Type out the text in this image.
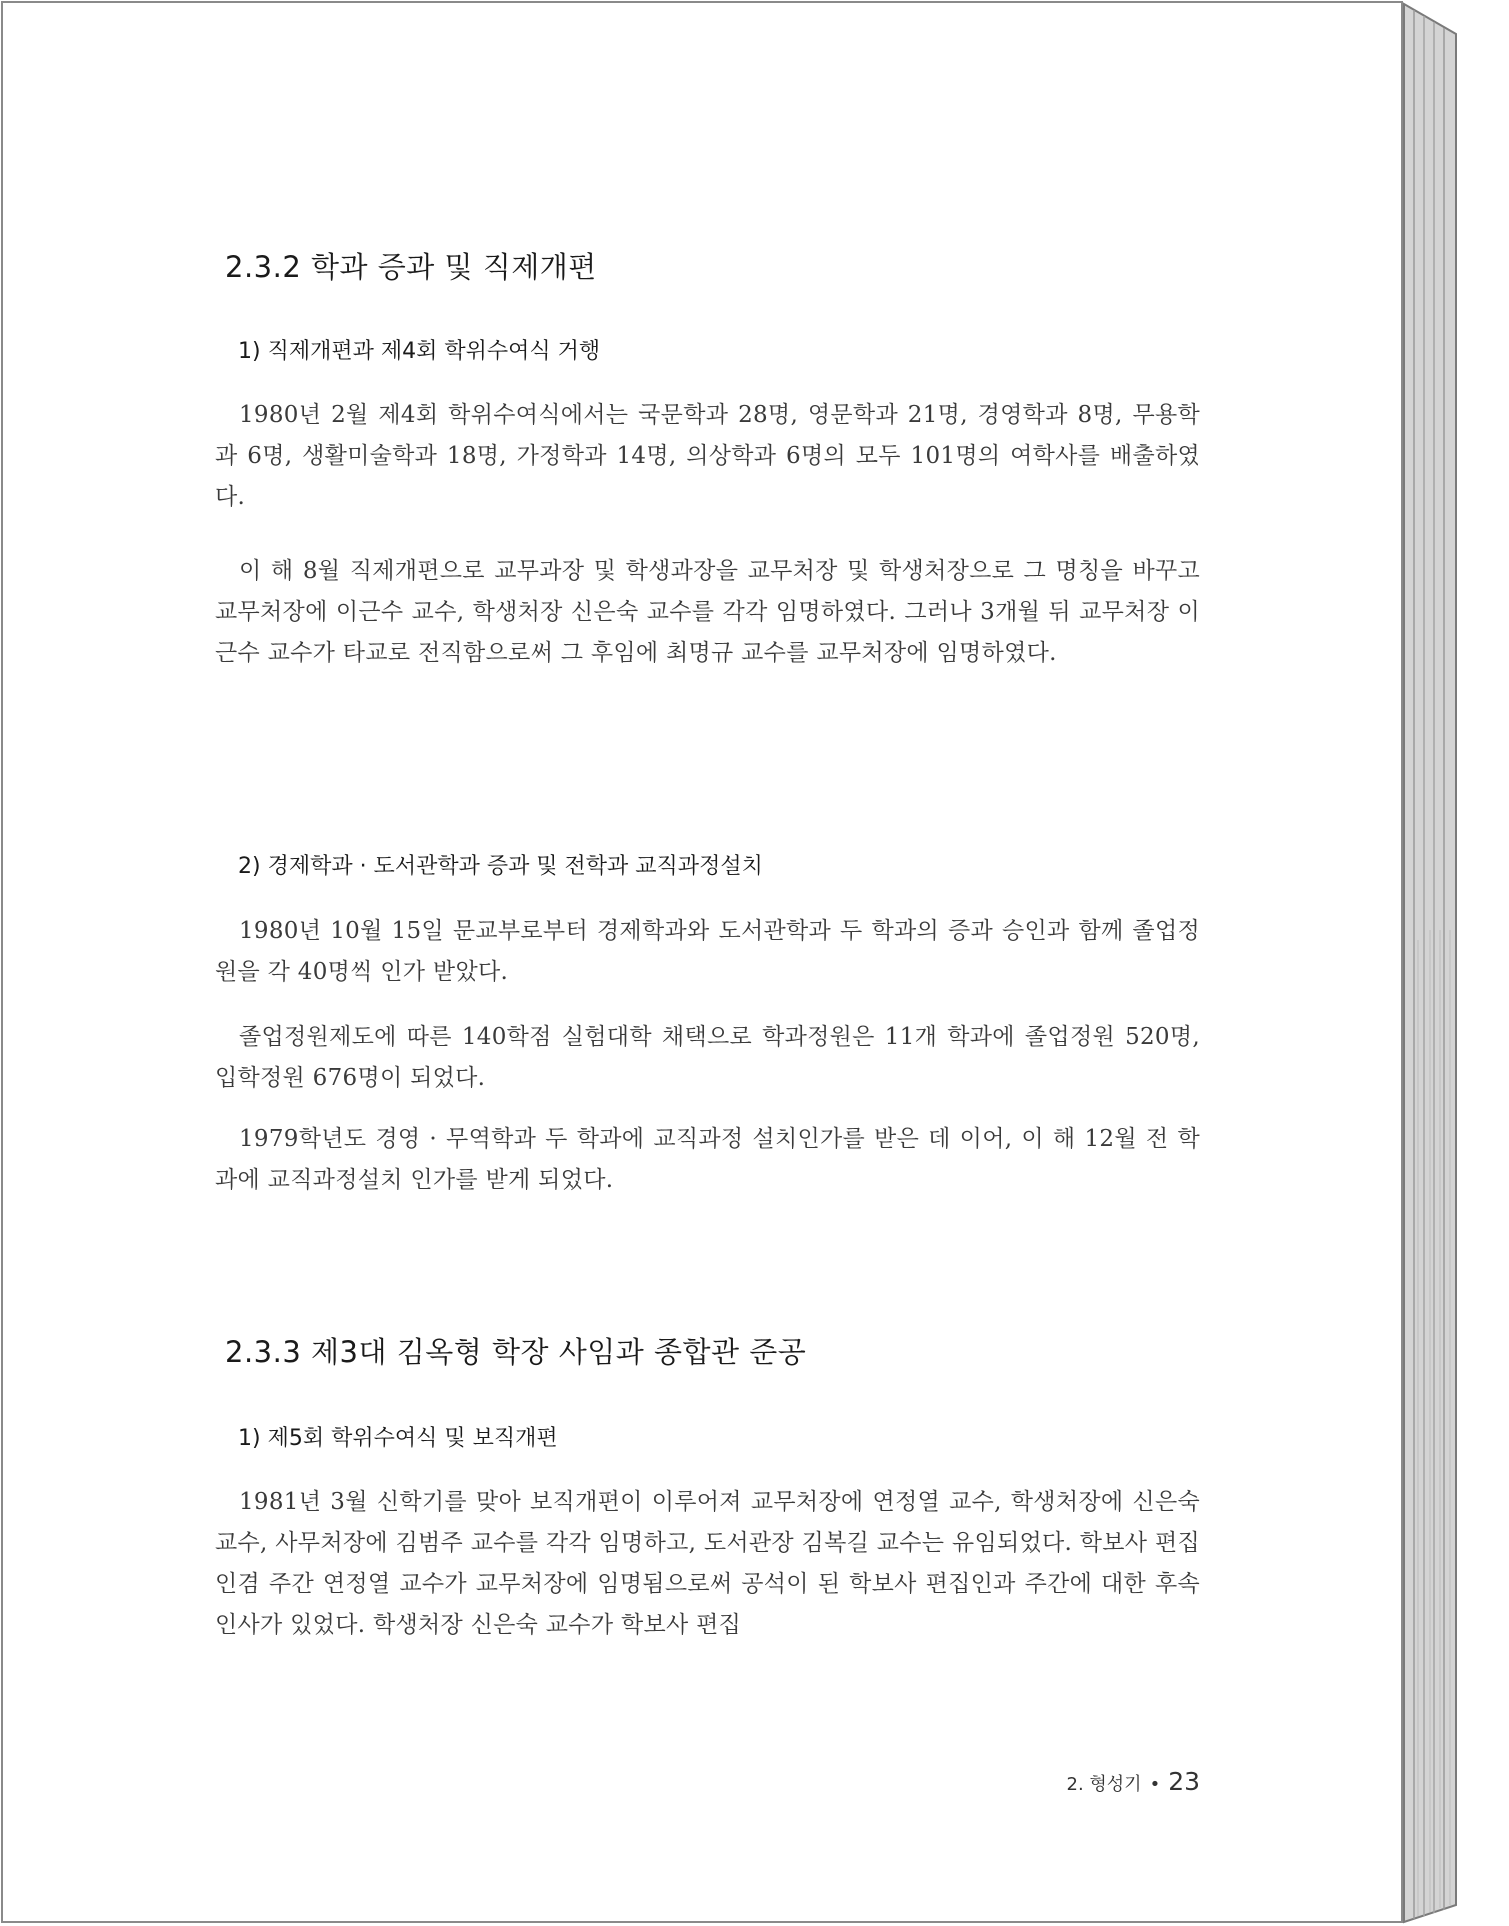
2.3.2 학과 증과 및 직제개편
1) 직제개편과 제4회 학위수여식 거행

1980년 2월 제4회 학위수여식에서는 국문학과 28명, 영문학과 21명, 경영학과 8명, 무용학과 6명, 생활미술학과 18명, 가정학과 14명, 의상학과 6명의 모두 101명의 여학사를 배출하였다.

이 해 8월 직제개편으로 교무과장 및 학생과장을 교무처장 및 학생처장으로 그 명칭을 바꾸고 교무처장에 이근수 교수, 학생처장 신은숙 교수를 각각 임명하였다. 그러나 3개월 뒤 교무처장 이근수 교수가 타교로 전직함으로써 그 후임에 최명규 교수를 교무처장에 임명하였다.

2) 경제학과 · 도서관학과 증과 및 전학과 교직과정설치

1980년 10월 15일 문교부로부터 경제학과와 도서관학과 두 학과의 증과 승인과 함께 졸업정원을 각 40명씩 인가 받았다.

졸업정원제도에 따른 140학점 실험대학 채택으로 학과정원은 11개 학과에 졸업정원 520명, 입학정원 676명이 되었다.

1979학년도 경영 · 무역학과 두 학과에 교직과정 설치인가를 받은 데 이어, 이 해 12월 전 학과에 교직과정설치 인가를 받게 되었다.

2.3.3 제3대 김옥형 학장 사임과 종합관 준공
1) 제5회 학위수여식 및 보직개편

1981년 3월 신학기를 맞아 보직개편이 이루어져 교무처장에 연정열 교수, 학생처장에 신은숙 교수, 사무처장에 김범주 교수를 각각 임명하고, 도서관장 김복길 교수는 유임되었다. 학보사 편집인겸 주간 연정열 교수가 교무처장에 임명됨으로써 공석이 된 학보사 편집인과 주간에 대한 후속인사가 있었다. 학생처장 신은숙 교수가 학보사 편집

2. 형성기 • 23
